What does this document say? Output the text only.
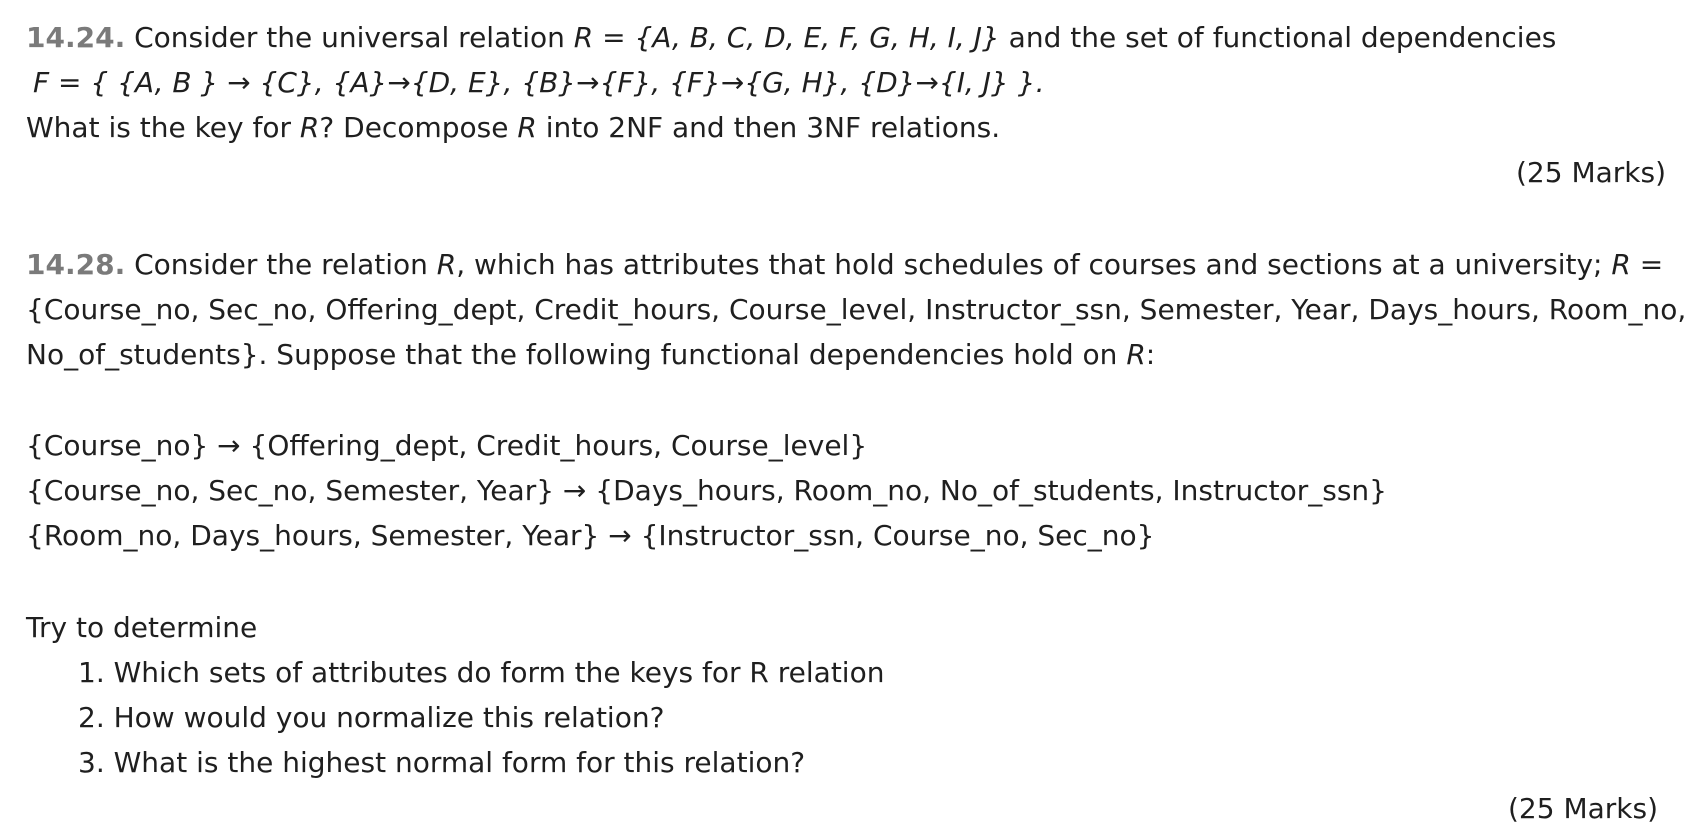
14.24. Consider the universal relation R = {A, B, C, D, E, F, G, H, I, J} and the set of functional dependencies
F = { {A, B } → {C}, {A}→{D, E}, {B}→{F}, {F}→{G, H}, {D}→{I, J} }.
What is the key for R? Decompose R into 2NF and then 3NF relations.
(25 Marks)
14.28. Consider the relation R, which has attributes that hold schedules of courses and sections at a university; R =
{Course_no, Sec_no, Offering_dept, Credit_hours, Course_level, Instructor_ssn, Semester, Year, Days_hours, Room_no,
No_of_students}. Suppose that the following functional dependencies hold on R:
{Course_no} → {Offering_dept, Credit_hours, Course_level}
{Course_no, Sec_no, Semester, Year} → {Days_hours, Room_no, No_of_students, Instructor_ssn}
{Room_no, Days_hours, Semester, Year} → {Instructor_ssn, Course_no, Sec_no}
Try to determine
1. Which sets of attributes do form the keys for R relation
2. How would you normalize this relation?
3. What is the highest normal form for this relation?
(25 Marks)
